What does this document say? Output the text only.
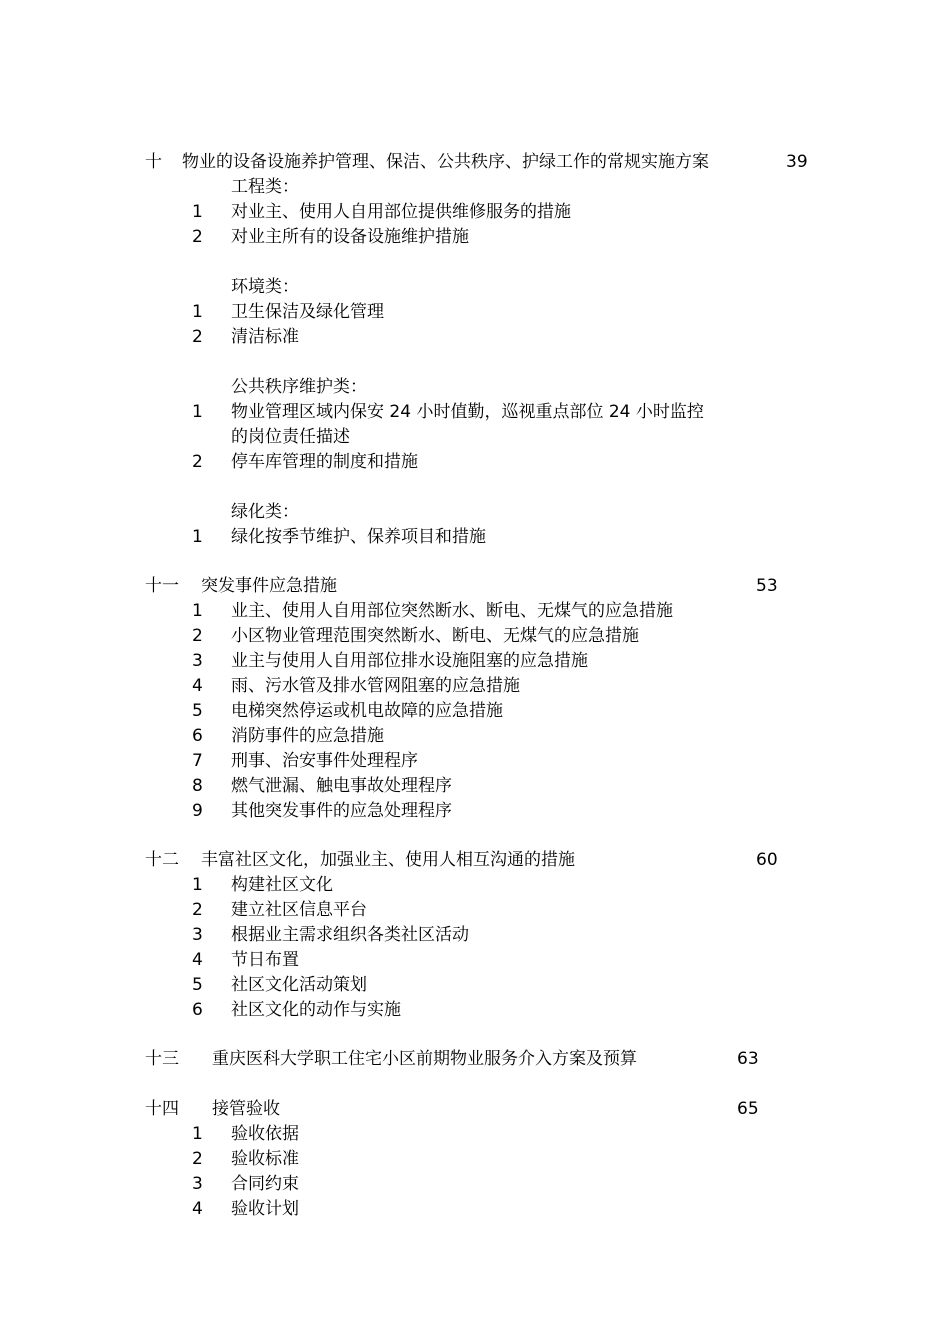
十 物业的设备设施养护管理、保洁、公共秩序、护绿工作的常规实施方案	39
工程类：
1 对业主、使用人自用部位提供维修服务的措施
2 对业主所有的设备设施维护措施
环境类：
1 卫生保洁及绿化管理
2 清洁标准
公共秩序维护类：
1 物业管理区域内保安 24 小时值勤，巡视重点部位 24 小时监控
的岗位责任描述
2 停车库管理的制度和措施
绿化类：
1 绿化按季节维护、保养项目和措施
十一 突发事件应急措施	53
1 业主、使用人自用部位突然断水、断电、无煤气的应急措施
2 小区物业管理范围突然断水、断电、无煤气的应急措施
3 业主与使用人自用部位排水设施阻塞的应急措施
4 雨、污水管及排水管网阻塞的应急措施
5 电梯突然停运或机电故障的应急措施
6 消防事件的应急措施
7 刑事、治安事件处理程序
8 燃气泄漏、触电事故处理程序
9 其他突发事件的应急处理程序
十二 丰富社区文化，加强业主、使用人相互沟通的措施	60
1 构建社区文化
2 建立社区信息平台
3 根据业主需求组织各类社区活动
4 节日布置
5 社区文化活动策划
6 社区文化的动作与实施
十三 重庆医科大学职工住宅小区前期物业服务介入方案及预算	63
十四 接管验收	65
1 验收依据
2 验收标准
3 合同约束
4 验收计划
